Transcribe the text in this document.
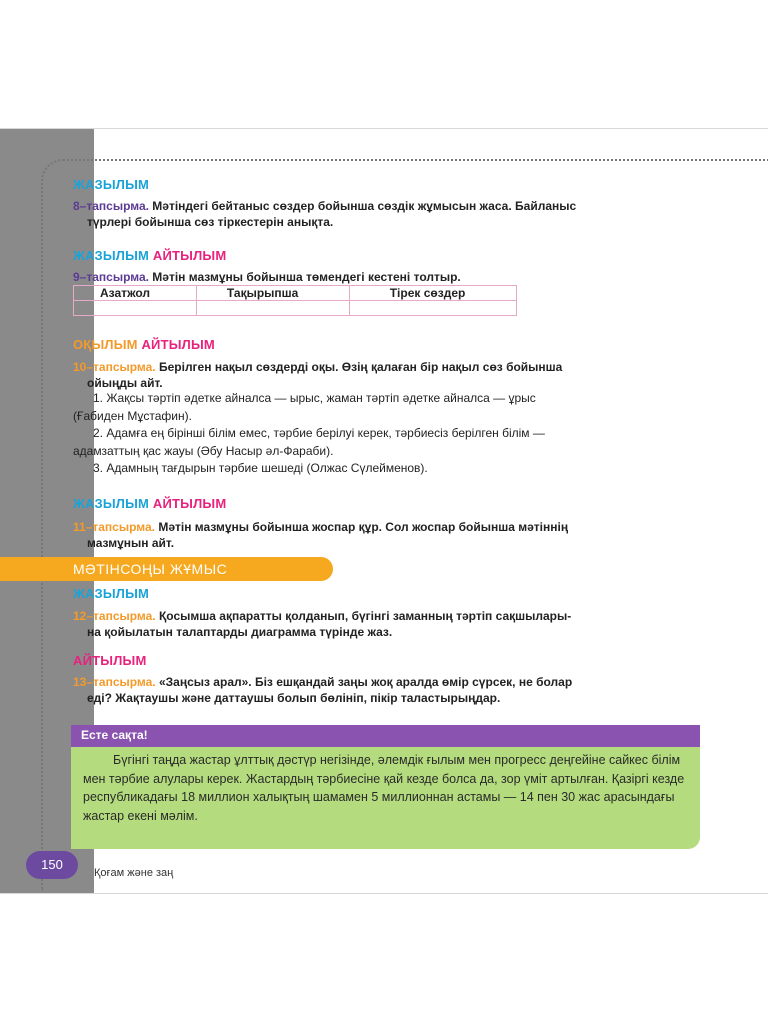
ЖАЗЫЛЫМ
8–тапсырма. Мәтіндегі бейтаныс сөздер бойынша сөздік жұмысын жаса. Байланыс
түрлері бойынша сөз тіркестерін анықта.
ЖАЗЫЛЫМ АЙТЫЛЫМ
9–тапсырма. Мәтін мазмұны бойынша төмендегі кестені толтыр.
Азатжол	Тақырыпша	Тірек сөздер

ОҚЫЛЫМ АЙТЫЛЫМ
10–тапсырма. Берілген нақыл сөздерді оқы. Өзің қалаған бір нақыл сөз бойынша
ойыңды айт.
1. Жақсы тәртіп әдетке айналса — ырыс, жаман тәртіп әдетке айналса — ұрыс
(Ғабиден Мұстафин).
2. Адамға ең бірінші білім емес, тәрбие берілуі керек, тәрбиесіз берілген білім —
адамзаттың қас жауы (Әбу Насыр әл-Фараби).
3. Адамның тағдырын тәрбие шешеді (Олжас Сүлейменов).
ЖАЗЫЛЫМ АЙТЫЛЫМ
11–тапсырма. Мәтін мазмұны бойынша жоспар құр. Сол жоспар бойынша мәтіннің
мазмұнын айт.
МӘТІНСОҢЫ ЖҰМЫС
ЖАЗЫЛЫМ
12–тапсырма. Қосымша ақпаратты қолданып, бүгінгі заманның тәртіп сақшылары-
на қойылатын талаптарды диаграмма түрінде жаз.
АЙТЫЛЫМ
13–тапсырма. «Заңсыз арал». Біз ешқандай заңы жоқ аралда өмір сүрсек, не болар
еді? Жақтаушы және даттаушы болып бөлініп, пікір таластырыңдар.
Есте сақта!
Бүгінгі таңда жастар ұлттық дәстүр негізінде, әлемдік ғылым мен прогресс деңгейіне сайкес білім мен тәрбие алулары керек. Жастардың тәрбиесіне қай кезде болса да, зор үміт артылған. Қазіргі кезде республикадағы 18 миллион халықтың шамамен 5 миллионнан астамы — 14 пен 30 жас арасындағы жастар екені мәлім.
150
Қоғам және заң
